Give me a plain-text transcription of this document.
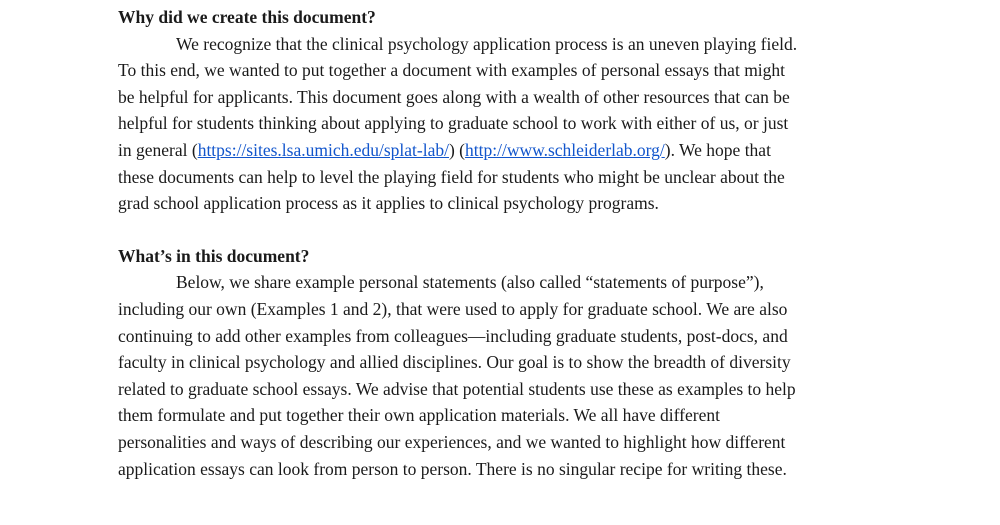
Why did we create this document?
We recognize that the clinical psychology application process is an uneven playing field.
To this end, we wanted to put together a document with examples of personal essays that might
be helpful for applicants. This document goes along with a wealth of other resources that can be
helpful for students thinking about applying to graduate school to work with either of us, or just
in general (https://sites.lsa.umich.edu/splat-lab/) (http://www.schleiderlab.org/). We hope that
these documents can help to level the playing field for students who might be unclear about the
grad school application process as it applies to clinical psychology programs.
What’s in this document?
Below, we share example personal statements (also called “statements of purpose”),
including our own (Examples 1 and 2), that were used to apply for graduate school. We are also
continuing to add other examples from colleagues—including graduate students, post-docs, and
faculty in clinical psychology and allied disciplines. Our goal is to show the breadth of diversity
related to graduate school essays. We advise that potential students use these as examples to help
them formulate and put together their own application materials. We all have different
personalities and ways of describing our experiences, and we wanted to highlight how different
application essays can look from person to person. There is no singular recipe for writing these.
